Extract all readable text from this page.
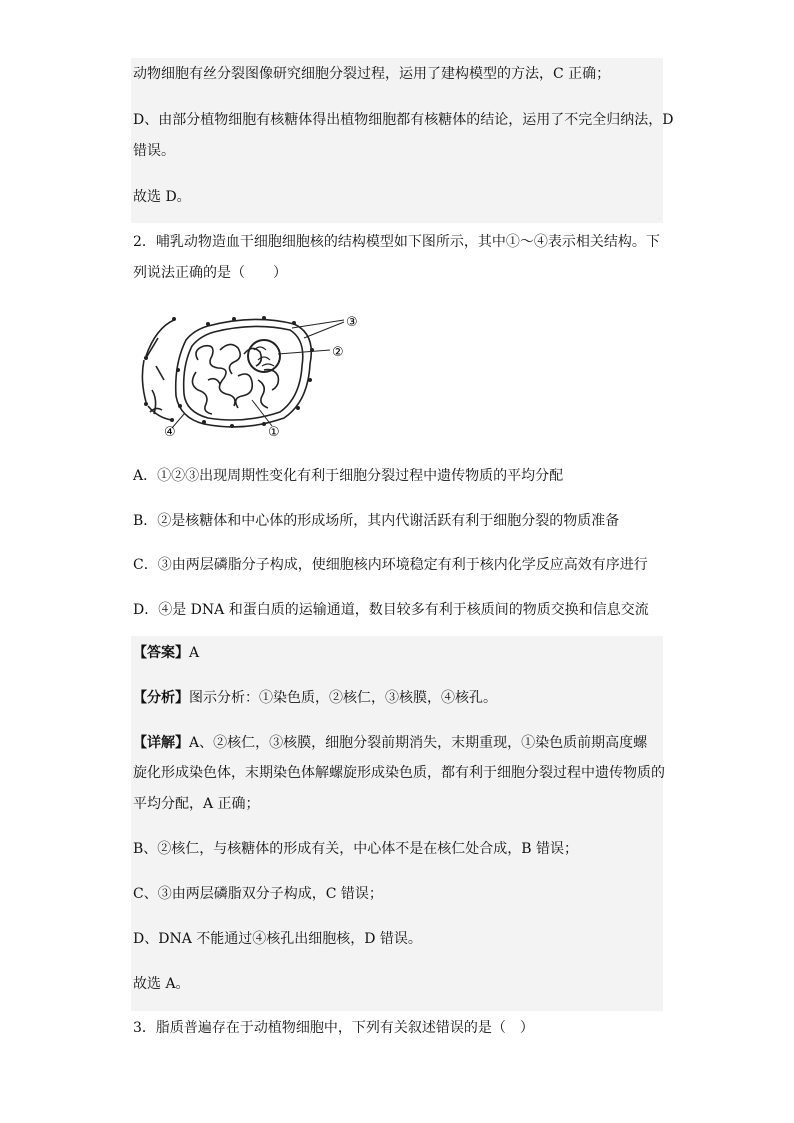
动物细胞有丝分裂图像研究细胞分裂过程，运用了建构模型的方法，C 正确；
D、由部分植物细胞有核糖体得出植物细胞都有核糖体的结论，运用了不完全归纳法，D
错误。
故选 D。
2．哺乳动物造血干细胞细胞核的结构模型如下图所示，其中①～④表示相关结构。下
列说法正确的是（　　）
③
②
④	①
A．①②③出现周期性变化有利于细胞分裂过程中遗传物质的平均分配
B．②是核糖体和中心体的形成场所，其内代谢活跃有利于细胞分裂的物质准备
C．③由两层磷脂分子构成，使细胞核内环境稳定有利于核内化学反应高效有序进行
D．④是 DNA 和蛋白质的运输通道，数目较多有利于核质间的物质交换和信息交流
【答案】A
【分析】图示分析：①染色质，②核仁，③核膜，④核孔。
【详解】A、②核仁，③核膜，细胞分裂前期消失，末期重现，①染色质前期高度螺
旋化形成染色体，末期染色体解螺旋形成染色质，都有利于细胞分裂过程中遗传物质的
平均分配，A 正确；
B、②核仁，与核糖体的形成有关，中心体不是在核仁处合成，B 错误；
C、③由两层磷脂双分子构成，C 错误；
D、DNA 不能通过④核孔出细胞核，D 错误。
故选 A。
3．脂质普遍存在于动植物细胞中，下列有关叙述错误的是（　）
